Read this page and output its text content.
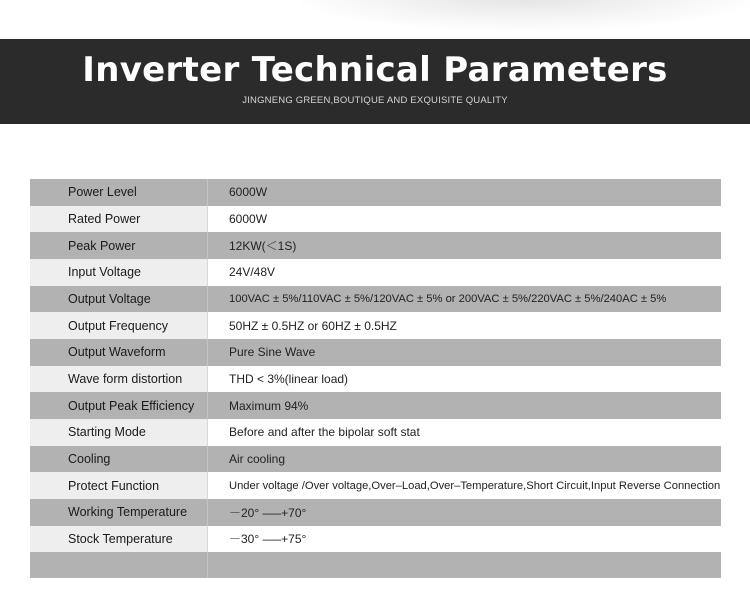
Inverter Technical Parameters
JINGNENG GREEN,BOUTIQUE AND EXQUISITE QUALITY
Power Level	6000W
Rated Power	6000W
Peak Power	12KW(＜1S)
Input Voltage	24V/48V
Output Voltage	100VAC ± 5%/110VAC ± 5%/120VAC ± 5% or 200VAC ± 5%/220VAC ± 5%/240AC ± 5%
Output Frequency	50HZ ± 0.5HZ or 60HZ ± 0.5HZ
Output Waveform	Pure Sine Wave
Wave form distortion	THD < 3%(linear load)
Output Peak Efficiency	Maximum 94%
Starting Mode	Before and after the bipolar soft stat
Cooling	Air cooling
Protect Function	Under voltage /Over voltage,Over–Load,Over–Temperature,Short Circuit,Input Reverse Connection
Working Temperature	－20° –—+70°
Stock Temperature	－30° –—+75°
